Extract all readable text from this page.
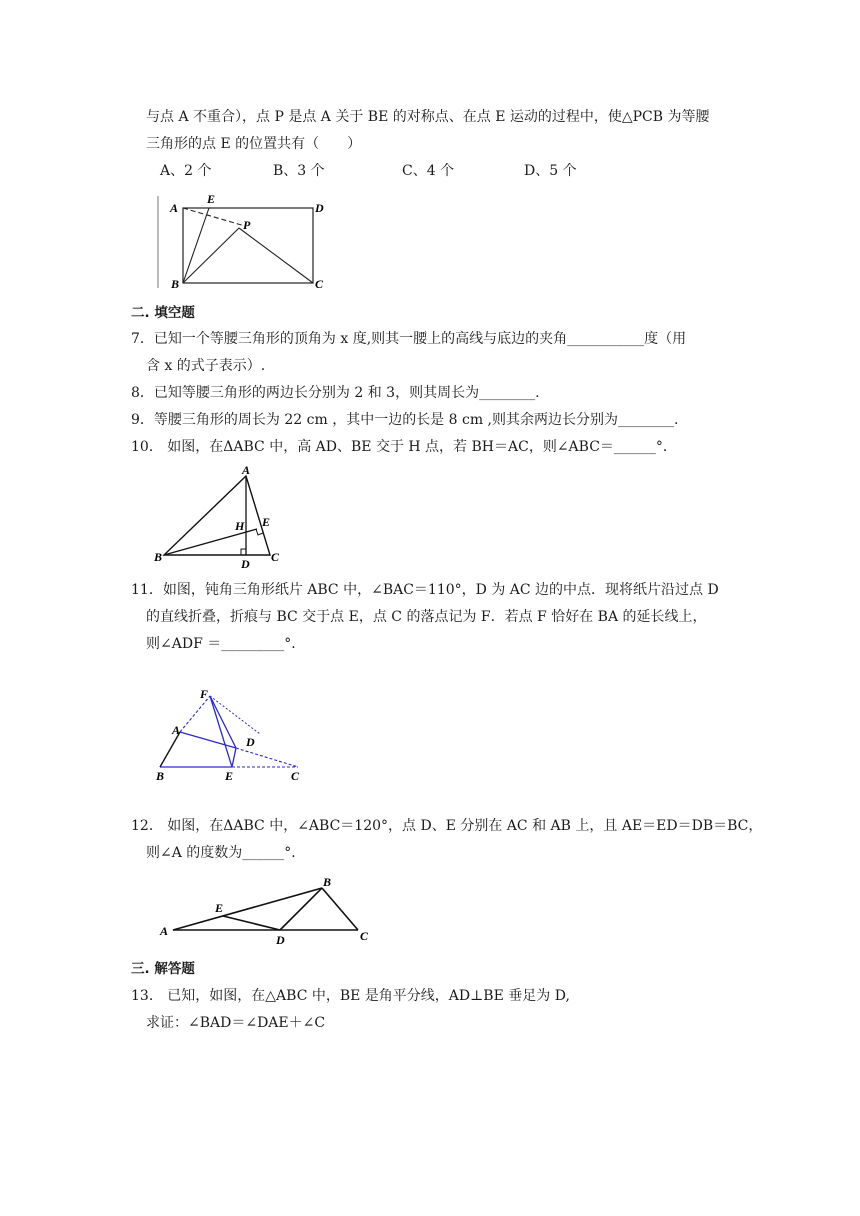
与点 A 不重合），点 P 是点 A 关于 BE 的对称点、在点 E 运动的过程中，使△PCB 为等腰
三角形的点 E 的位置共有（　　）
A、2 个	B、3 个	C、4 个	D、5 个
A
E
D
P
B	C
二. 填空题
7．已知一个等腰三角形的顶角为 x 度,则其一腰上的高线与底边的夹角___________度（用
含 x 的式子表示）.
8．已知等腰三角形的两边长分别为 2 和 3，则其周长为________.
9．等腰三角形的周长为 22 cm ，其中一边的长是 8 cm ,则其余两边长分别为________.
10． 如图，在ΔABC 中，高 AD、BE 交于 H 点，若 BH＝AC，则∠ABC＝______°．
A
H E
B	D C
11．如图，钝角三角形纸片 ABC 中，∠BAC＝110°，D 为 AC 边的中点．现将纸片沿过点 D
的直线折叠，折痕与 BC 交于点 E，点 C 的落点记为 F．若点 F 恰好在 BA 的延长线上，
则∠ADF ＝_________°．
F
A
D
B	E	C
12． 如图，在ΔABC 中，∠ABC＝120°，点 D、E 分别在 AC 和 AB 上，且 AE＝ED＝DB＝BC，
则∠A 的度数为______°．
A
E
B
D	C
三. 解答题
13． 已知，如图，在△ABC 中，BE 是角平分线，AD⊥BE 垂足为 D,
求证：∠BAD＝∠DAE＋∠C
